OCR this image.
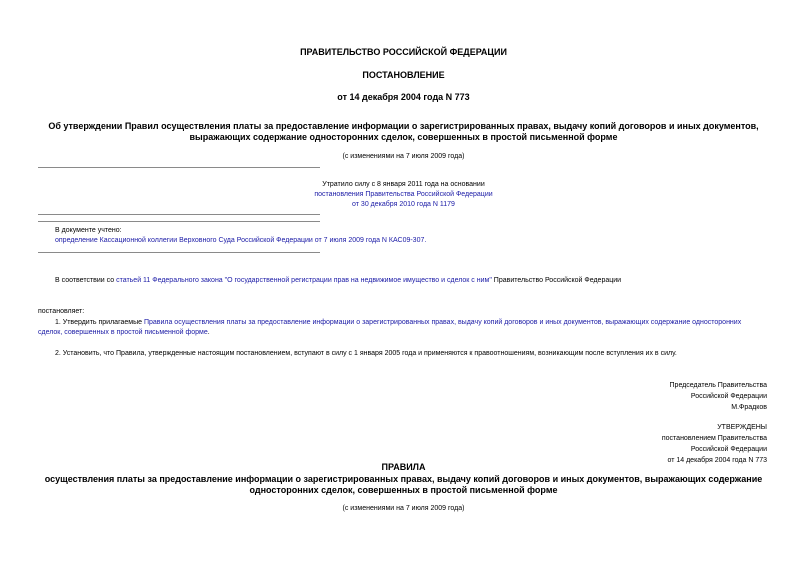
ПРАВИТЕЛЬСТВО РОССИЙСКОЙ ФЕДЕРАЦИИ
ПОСТАНОВЛЕНИЕ
от 14 декабря 2004 года N 773
Об утверждении Правил осуществления платы за предоставление информации о зарегистрированных правах, выдачу копий договоров и иных документов,
выражающих содержание односторонних сделок, совершенных в простой письменной форме
(с изменениями на 7 июля 2009 года)
Утратило силу с 8 января 2011 года на основании
постановления Правительства Российской Федерации
от 30 декабря 2010 года N 1179
В документе учтено:
определение Кассационной коллегии Верховного Суда Российской Федерации от 7 июля 2009 года N КАС09-307.
В соответствии со статьей 11 Федерального закона "О государственной регистрации прав на недвижимое имущество и сделок с ним" Правительство Российской Федерации
постановляет:
1. Утвердить прилагаемые Правила осуществления платы за предоставление информации о зарегистрированных правах, выдачу копий договоров и иных документов, выражающих содержание односторонних
сделок, совершенных в простой письменной форме.
2. Установить, что Правила, утвержденные настоящим постановлением, вступают в силу с 1 января 2005 года и применяются к правоотношениям, возникающим после вступления их в силу.
Председатель Правительства
Российской Федерации
М.Фрадков
УТВЕРЖДЕНЫ
постановлением Правительства
Российской Федерации
от 14 декабря 2004 года N 773
ПРАВИЛА
осуществления платы за предоставление информации о зарегистрированных правах, выдачу копий договоров и иных документов, выражающих содержание
односторонних сделок, совершенных в простой письменной форме
(с изменениями на 7 июля 2009 года)
